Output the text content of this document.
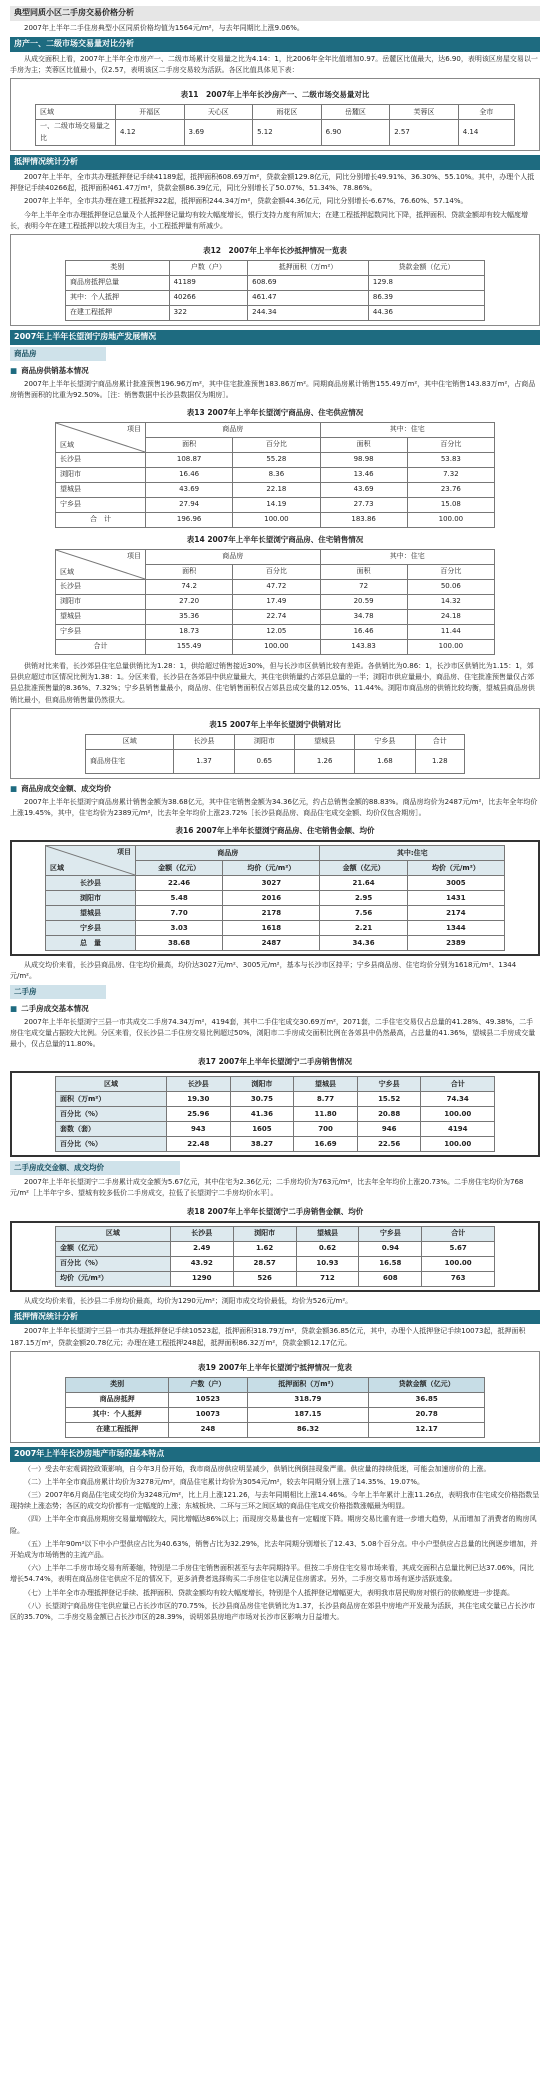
典型同质小区二手房交易价格分析

2007年上半年二手住房典型小区同质价格均值为1564元/m²，与去年同期比上涨9.06%。

房产一、二级市场交易量对比分析

从成交面积上看，2007年上半年全市房产一、二级市场累计交易量之比为4.14：1，比2006年全年比值增加0.97。岳麓区比值最大，达6.90，表明该区房屋交易以一手房为主；芙蓉区比值最小，仅2.57，表明该区二手房交易较为活跃。各区比值具体见下表：

表11　2007年上半年长沙房产一、二级市场交易量对比
区域	开福区	天心区	雨花区	岳麓区	芙蓉区	全市
一、二级市场交易量之比	4.12	3.69	5.12	6.90	2.57	4.14
抵押情况统计分析

2007年上半年，全市共办理抵押登记手续41189起，抵押面积608.69万m²，贷款金额129.8亿元，同比分别增长49.91%、36.30%、55.10%。其中，办理个人抵押登记手续40266起，抵押面积461.47万m²，贷款金额86.39亿元，同比分别增长了50.07%、51.34%、78.86%。

2007年上半年，全市共办理在建工程抵押322起，抵押面积244.34万m²，贷款金额44.36亿元，同比分别增长-6.67%、76.60%、57.14%。

今年上半年全市办理抵押登记总量及个人抵押登记量均有较大幅度增长，银行支持力度有所加大；在建工程抵押起数同比下降，抵押面积、贷款金额却有较大幅度增长，表明今年在建工程抵押以较大项目为主，小工程抵押量有所减少。

表12　2007年上半年长沙抵押情况一览表
类别	户数（户）	抵押面积（万m²）	贷款金额（亿元）
商品房抵押总量	41189	608.69	129.8
其中：个人抵押	40266	461.47	86.39
在建工程抵押	322	244.34	44.36
2007年上半年长望浏宁房地产发展情况
商品房
■ 商品房供销基本情况

2007年上半年长望浏宁商品房累计批准预售196.96万m²，其中住宅批准预售183.86万m²。同期商品房累计销售155.49万m²，其中住宅销售143.83万m²，占商品房销售面积的比重为92.50%。［注：销售数据中长沙县数据仅为期房］。

表13 2007年上半年长望浏宁商品房、住宅供应情况
项目
区域	商品房		其中：住宅	
	面积	百分比	面积	百分比
长沙县	108.87	55.28	98.98	53.83
浏阳市	16.46	8.36	13.46	7.32
望城县	43.69	22.18	43.69	23.76
宁乡县	27.94	14.19	27.73	15.08
合　计	196.96	100.00	183.86	100.00
表14 2007年上半年长望浏宁商品房、住宅销售情况
项目
区域	商品房		其中：住宅	
	面积	百分比	面积	百分比
长沙县	74.2	47.72	72	50.06
浏阳市	27.20	17.49	20.59	14.32
望城县	35.36	22.74	34.78	24.18
宁乡县	18.73	12.05	16.46	11.44
合计	155.49	100.00	143.83	100.00

供销对比来看，长沙郊县住宅总量供销比为1.28：1，供给超过销售接近30%，但与长沙市区供销比较有差距。各供销比为0.86：1，长沙市区供销比为1.15：1，郊县供应超过市区情况比例为1.38：1。分区来看，长沙县在各郊县中供应量最大，其住宅供销量约占郊县总量的一半；浏阳市供应量最小，商品房、住宅批准预售量仅占郊县总批准预售量的8.36%、7.32%；宁乡县销售量最小，商品房、住宅销售面积仅占郊县总成交量的12.05%、11.44%。浏阳市商品房的供销比较均衡，望城县商品房供销比最小，但商品房销售量仍然很大。

表15 2007年上半年长望浏宁供销对比
区域	长沙县	浏阳市	望城县	宁乡县	合计
商品房住宅	1.37	0.65	1.26	1.68	1.28
■ 商品房成交金额、成交均价

2007年上半年长望浏宁商品房累计销售金额为38.68亿元，其中住宅销售金额为34.36亿元，约占总销售金额的88.83%。商品房均价为2487元/m²，比去年全年均价上涨19.45%，其中，住宅均价为2389元/m²，比去年全年均价上涨23.72%［长沙县商品房、商品住宅成交金额、均价仅包含期房］。

表16 2007年上半年长望浏宁商品房、住宅销售金额、均价
项目
区域	商品房		其中:住宅	
	金额（亿元）	均价（元/m²）	金额（亿元）	均价（元/m²）
长沙县	22.46	3027	21.64	3005
浏阳市	5.48	2016	2.95	1431
望城县	7.70	2178	7.56	2174
宁乡县	3.03	1618	2.21	1344
总　量	38.68	2487	34.36	2389

从成交均价来看，长沙县商品房、住宅均价最高，均价达3027元/m²、3005元/m²，基本与长沙市区持平；宁乡县商品房、住宅均价分别为1618元/m²、1344元/m²。

二手房
■ 二手房成交基本情况

2007年上半年长望浏宁三县一市共成交二手房74.34万m²，4194套，其中二手住宅成交30.69万m²，2071套，二手住宅交易仅占总量的41.28%、49.38%，二手房住宅成交量占据较大比例。分区来看，仅长沙县二手住房交易比例超过50%，浏阳市二手房成交面积比例在各郊县中仍然最高，占总量的41.36%，望城县二手房成交量最小，仅占总量的11.80%。

表17 2007年上半年长望浏宁二手房销售情况
区域	长沙县	浏阳市	望城县	宁乡县	合计
面积（万m²）	19.30	30.75	8.77	15.52	74.34
百分比（%）	25.96	41.36	11.80	20.88	100.00
套数（套）	943	1605	700	946	4194
百分比（%）	22.48	38.27	16.69	22.56	100.00
二手房成交金额、成交均价

2007年上半年长望浏宁二手房累计成交金额为5.67亿元，其中住宅为2.36亿元；二手房均价为763元/m²，比去年全年均价上涨20.73%。二手房住宅均价为768元/m²［上半年宁乡、望城有较多低价二手房成交，拉低了长望浏宁二手房均价水平］。

表18 2007年上半年长望浏宁二手房销售金额、均价
区域	长沙县	浏阳市	望城县	宁乡县	合计
金额（亿元）	2.49	1.62	0.62	0.94	5.67
百分比（%）	43.92	28.57	10.93	16.58	100.00
均价（元/m²）	1290	526	712	608	763

从成交均价来看，长沙县二手房均价最高，均价为1290元/m²；浏阳市成交均价最低，均价为526元/m²。

抵押情况统计分析

2007年上半年长望浏宁三县一市共办理抵押登记手续10523起，抵押面积318.79万m²，贷款金额36.85亿元，其中，办理个人抵押登记手续10073起，抵押面积187.15万m²，贷款金额20.78亿元；办理在建工程抵押248起，抵押面积86.32万m²，贷款金额12.17亿元。

表19 2007年上半年长望浏宁抵押情况一览表
类别	户数（户）	抵押面积（万m²）	贷款金额（亿元）
商品房抵押	10523	318.79	36.85
其中：个人抵押	10073	187.15	20.78
在建工程抵押	248	86.32	12.17
2007年上半年长沙房地产市场的基本特点

（一）受去年宏观调控政策影响，自今年3月份开始，我市商品房供应明显减少，供销比例倒挂现象严重。供应量的持续低迷，可能会加速房价的上涨。

（二）上半年全市商品房累计均价为3278元/m²，商品住宅累计均价为3054元/m²，较去年同期分别上涨了14.35%、19.07%。

（三）2007年6月商品住宅成交均价为3248元/m²，比上月上涨121.26，与去年同期相比上涨14.46%。今年上半年累计上涨11.26点，表明我市住宅成交价格指数呈现持续上涨态势；各区的成交均价都有一定幅度的上涨；东城板块、二环与三环之间区域的商品住宅成交价格指数涨幅最为明显。

（四）上半年全市商品房期房交易量增幅较大，同比增幅达86%以上；而现房交易量也有一定幅度下降。期房交易比重有进一步增大趋势，从而增加了消费者的购房风险。

（五）上半年90m²以下中小户型供应占比为40.63%，销售占比为32.29%，比去年同期分别增长了12.43、5.08个百分点。中小户型供应占总量的比例逐步增加，并开始成为市场销售的主流产品。

（六）上半年二手房市场交易有所萎缩，特别是二手房住宅销售面积甚至与去年同期持平。但按二手房住宅交易市场来看，其成交面积占总量比例已达37.06%，同比增长54.74%，表明在商品房住宅供应不足的情况下，更多消费者选择购买二手房住宅以满足住房需求。另外，二手房交易市场有逐步活跃迹象。

（七）上半年全市办理抵押登记手续、抵押面积、贷款金额均有较大幅度增长，特别是个人抵押登记增幅更大，表明我市居民购房对银行的依赖度进一步提高。

（八）长望浏宁商品房住宅供应量已占长沙市区的70.75%，长沙县商品房住宅供销比为1.37，长沙县商品房在郊县中房地产开发最为活跃，其住宅成交量已占长沙市区的35.70%，二手房交易金额已占长沙市区的28.39%，说明郊县房地产市场对长沙市区影响力日益增大。
